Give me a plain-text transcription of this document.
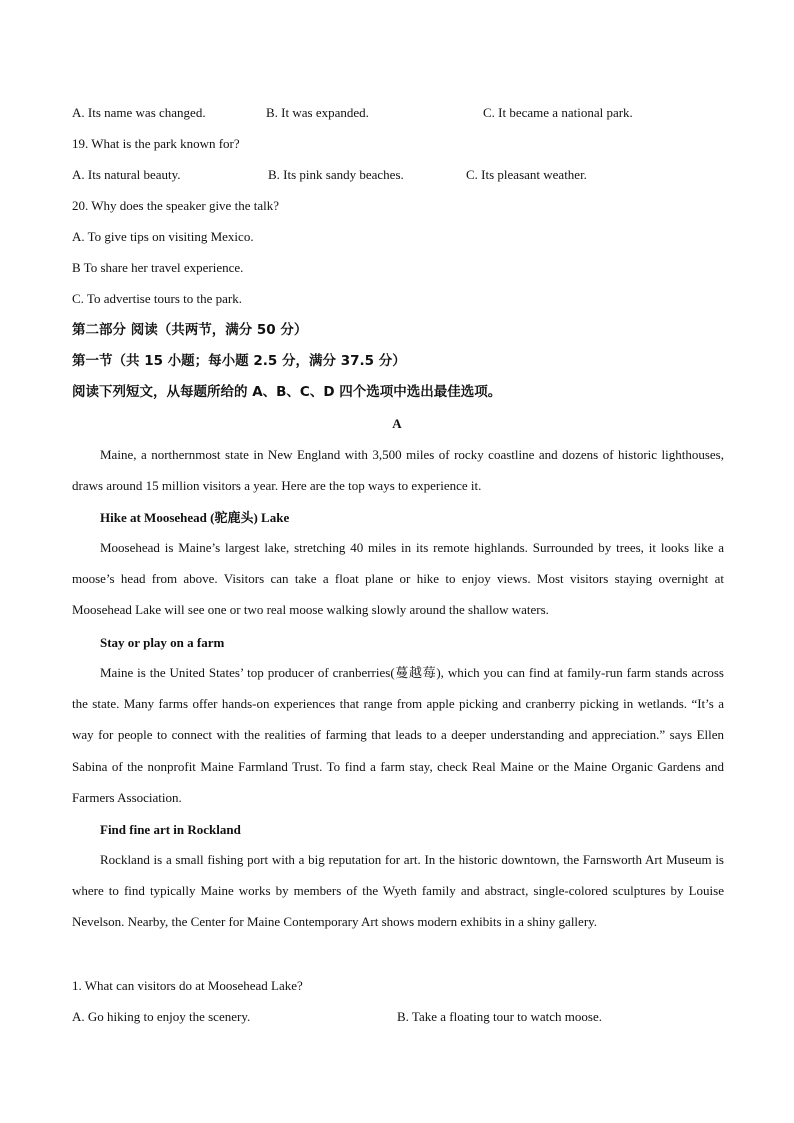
A. Its name was changed.	B. It was expanded.	C. It became a national park.
19. What is the park known for?
A. Its natural beauty.	B. Its pink sandy beaches.	C. Its pleasant weather.
20. Why does the speaker give the talk?
A. To give tips on visiting Mexico.
B To share her travel experience.
C. To advertise tours to the park.
第二部分 阅读（共两节，满分 50 分）
第一节（共 15 小题；每小题 2.5 分，满分 37.5 分）
阅读下列短文，从每题所给的 A、B、C、D 四个选项中选出最佳选项。
A
Maine, a northernmost state in New England with 3,500 miles of rocky coastline and dozens of historic lighthouses, draws around 15 million visitors a year. Here are the top ways to experience it.
Hike at Moosehead (驼鹿头) Lake
Moosehead is Maine’s largest lake, stretching 40 miles in its remote highlands. Surrounded by trees, it looks like a moose’s head from above. Visitors can take a float plane or hike to enjoy views. Most visitors staying overnight at Moosehead Lake will see one or two real moose walking slowly around the shallow waters.
Stay or play on a farm
Maine is the United States’ top producer of cranberries(蔓越莓), which you can find at family-run farm stands across the state. Many farms offer hands-on experiences that range from apple picking and cranberry picking in wetlands. “It’s a way for people to connect with the realities of farming that leads to a deeper understanding and appreciation.” says Ellen Sabina of the nonprofit Maine Farmland Trust. To find a farm stay, check Real Maine or the Maine Organic Gardens and Farmers Association.
Find fine art in Rockland
Rockland is a small fishing port with a big reputation for art. In the historic downtown, the Farnsworth Art Museum is where to find typically Maine works by members of the Wyeth family and abstract, single-colored sculptures by Louise Nevelson. Nearby, the Center for Maine Contemporary Art shows modern exhibits in a shiny gallery.
1. What can visitors do at Moosehead Lake?
A. Go hiking to enjoy the scenery.	B. Take a floating tour to watch moose.
